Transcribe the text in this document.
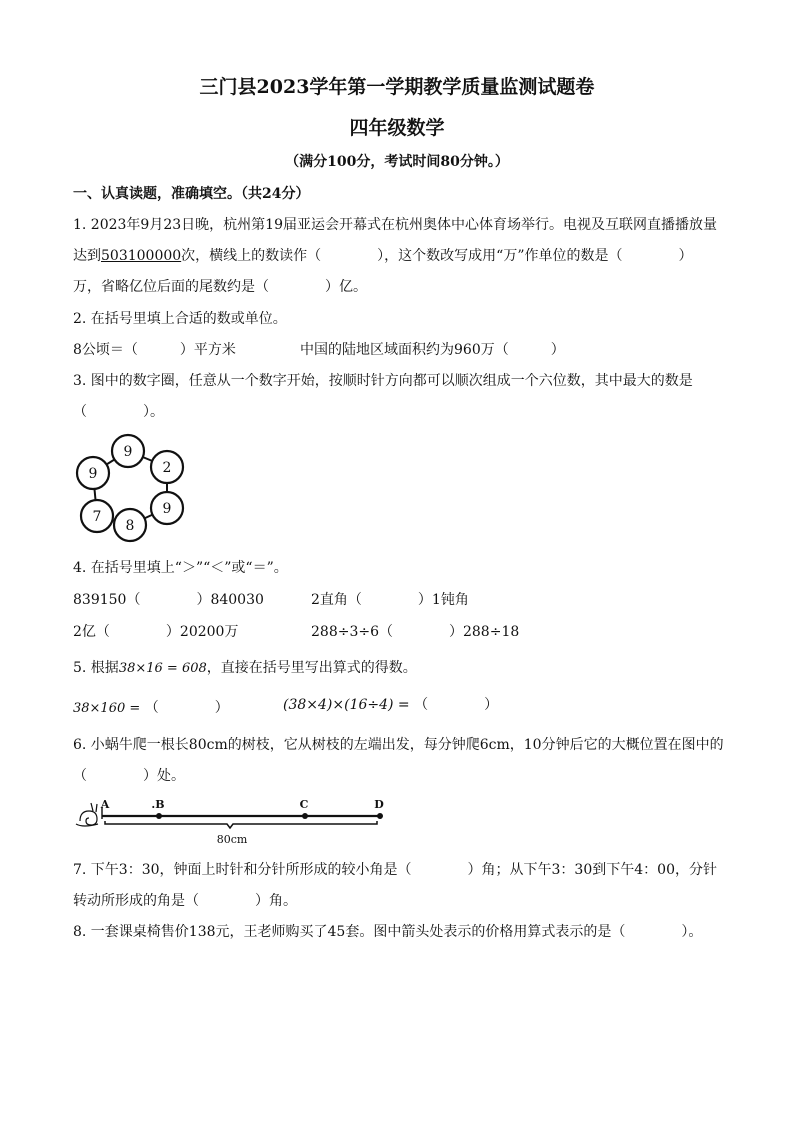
三门县2023学年第一学期教学质量监测试题卷
四年级数学
（满分100分，考试时间80分钟。）
一、认真读题，准确填空。（共24分）
1. 2023年9月23日晚，杭州第19届亚运会开幕式在杭州奥体中心体育场举行。电视及互联网直播播放量
达到503100000次，横线上的数读作（　　　　），这个数改写成用“万”作单位的数是（　　　　）
万，省略亿位后面的尾数约是（　　　　）亿。
2. 在括号里填上合适的数或单位。
8公顷＝（　　　）平方米	中国的陆地区域面积约为960万（　　　）
3. 图中的数字圈，任意从一个数字开始，按顺时针方向都可以顺次组成一个六位数，其中最大的数是
（　　　　）。
9
2
9
8
7
9
4. 在括号里填上“＞”“＜”或“＝”。
839150（　　　　）840030	2直角（　　　　）1钝角
2亿（　　　　）20200万	288÷3÷6（　　　　）288÷18
5. 根据38×16 = 608，直接在括号里写出算式的得数。
38×160 = （　　　　）	(38×4)×(16÷4) = （　　　　）
6. 小蜗牛爬一根长80cm的树枝，它从树枝的左端出发，每分钟爬6cm，10分钟后它的大概位置在图中的
（　　　　）处。
A	.B	C	D
80cm
7. 下午3：30，钟面上时针和分针所形成的较小角是（　　　　）角；从下午3：30到下午4：00，分针
转动所形成的角是（　　　　）角。
8. 一套课桌椅售价138元，王老师购买了45套。图中箭头处表示的价格用算式表示的是（　　　　）。
